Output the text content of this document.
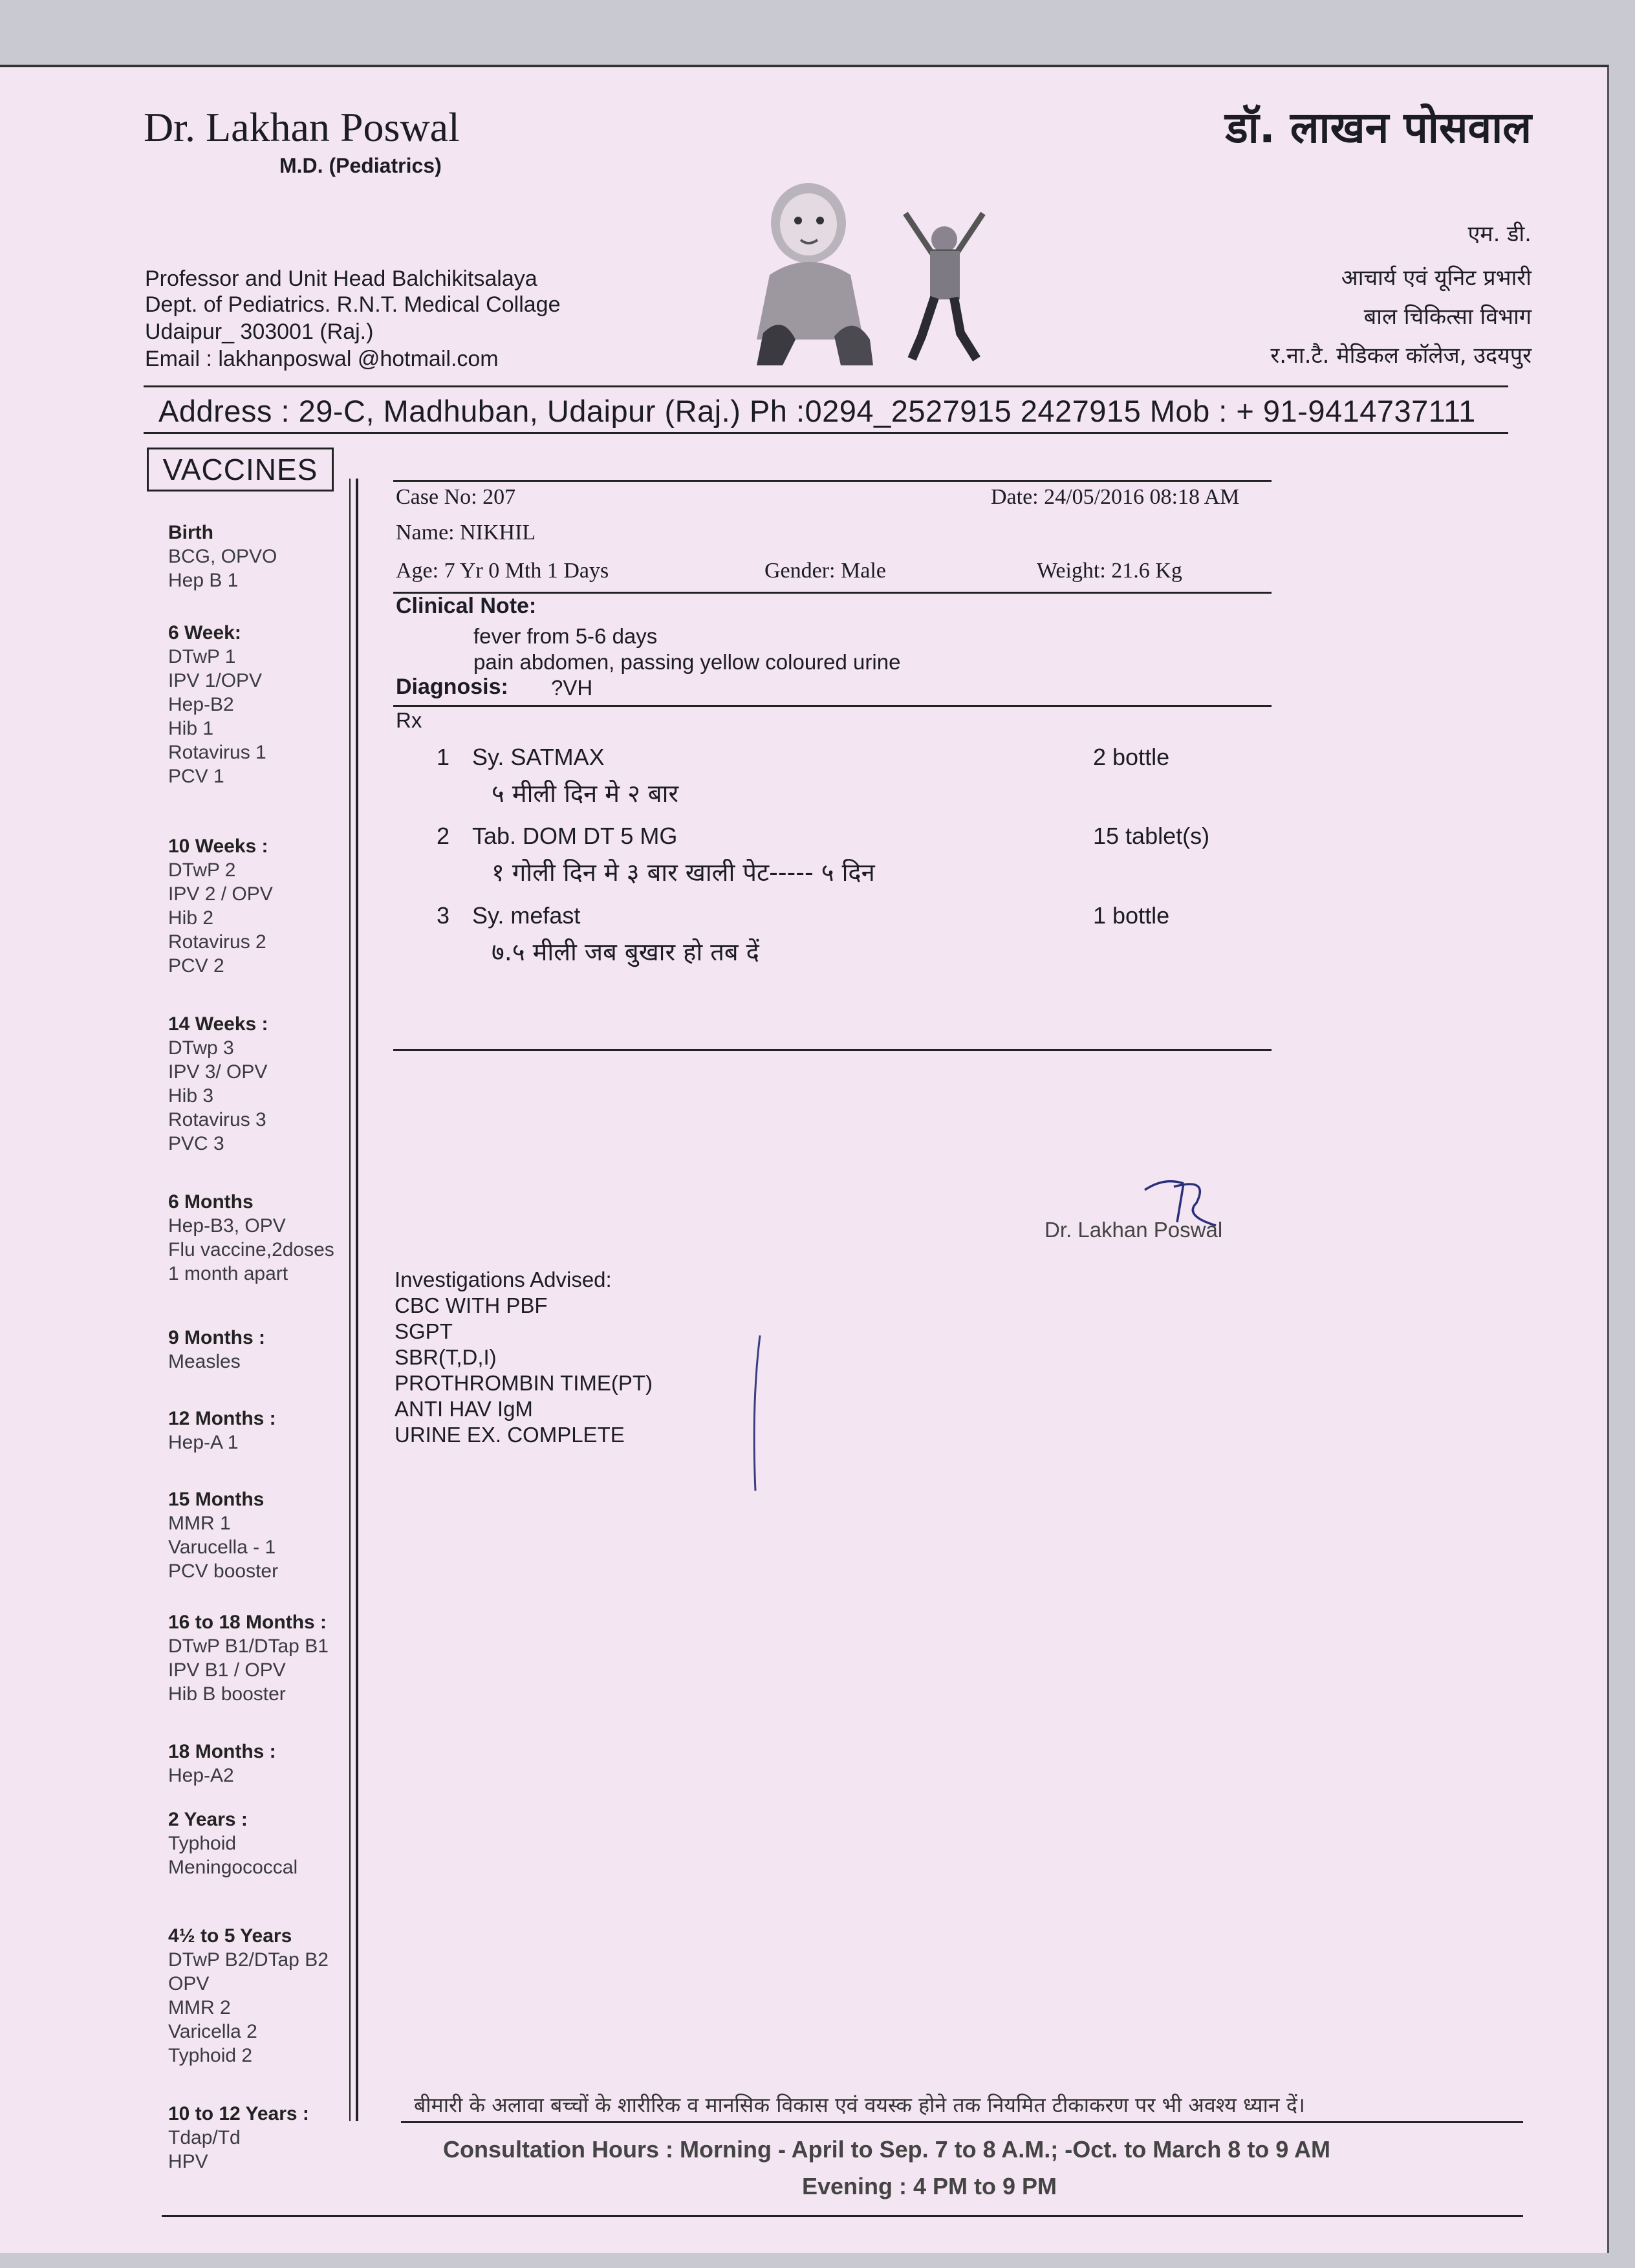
Dr. Lakhan Poswal
M.D. (Pediatrics)
Professor and Unit Head Balchikitsalaya
Dept. of Pediatrics. R.N.T. Medical Collage
Udaipur_ 303001 (Raj.)
Email : lakhanposwal @hotmail.com
डॉ. लाखन पोसवाल
एम. डी.
आचार्य एवं यूनिट प्रभारी
बाल चिकित्सा विभाग
र.ना.टै. मेडिकल कॉलेज, उदयपुर
Address : 29-C, Madhuban, Udaipur (Raj.) Ph :0294_2527915 2427915 Mob : + 91-9414737111
VACCINES
Birth
BCG, OPVO
Hep B 1
6 Week:
DTwP 1
IPV 1/OPV
Hep-B2
Hib 1
Rotavirus 1
PCV 1
10 Weeks :
DTwP 2
IPV 2 / OPV
Hib 2
Rotavirus 2
PCV 2
14 Weeks :
DTwp 3
IPV 3/ OPV
Hib 3
Rotavirus 3
PVC 3
6 Months
Hep-B3, OPV
Flu vaccine,2doses
1 month apart
9 Months :
Measles
12 Months :
Hep-A 1
15 Months
MMR 1
Varucella - 1
PCV booster
16 to 18 Months :
DTwP B1/DTap B1
IPV B1 / OPV
Hib B booster
18 Months :
Hep-A2
2 Years :
Typhoid
Meningococcal
4½ to 5 Years
DTwP B2/DTap B2
OPV
MMR 2
Varicella 2
Typhoid 2
10 to 12 Years :
Tdap/Td
HPV
Case No: 207	Date: 24/05/2016 08:18 AM
Name: NIKHIL
Age: 7 Yr 0 Mth 1 Days	Gender: Male	Weight: 21.6 Kg
Clinical Note:
fever from 5-6 days
pain abdomen, passing yellow coloured urine
Diagnosis: ?VH
Rx
1 Sy. SATMAX	2 bottle
५ मीली दिन मे २ बार
2 Tab. DOM DT 5 MG	15 tablet(s)
१ गोली दिन मे ३ बार खाली पेट----- ५ दिन
3 Sy. mefast	1 bottle
७.५ मीली जब बुखार हो तब दें
Dr. Lakhan Poswal
Investigations Advised:
CBC WITH PBF
SGPT
SBR(T,D,I)
PROTHROMBIN TIME(PT)
ANTI HAV IgM
URINE EX. COMPLETE
बीमारी के अलावा बच्चों के शारीरिक व मानसिक विकास एवं वयस्क होने तक नियमित टीकाकरण पर भी अवश्य ध्यान दें।
Consultation Hours : Morning - April to Sep. 7 to 8 A.M.; -Oct. to March 8 to 9 AM
Evening : 4 PM to 9 PM
